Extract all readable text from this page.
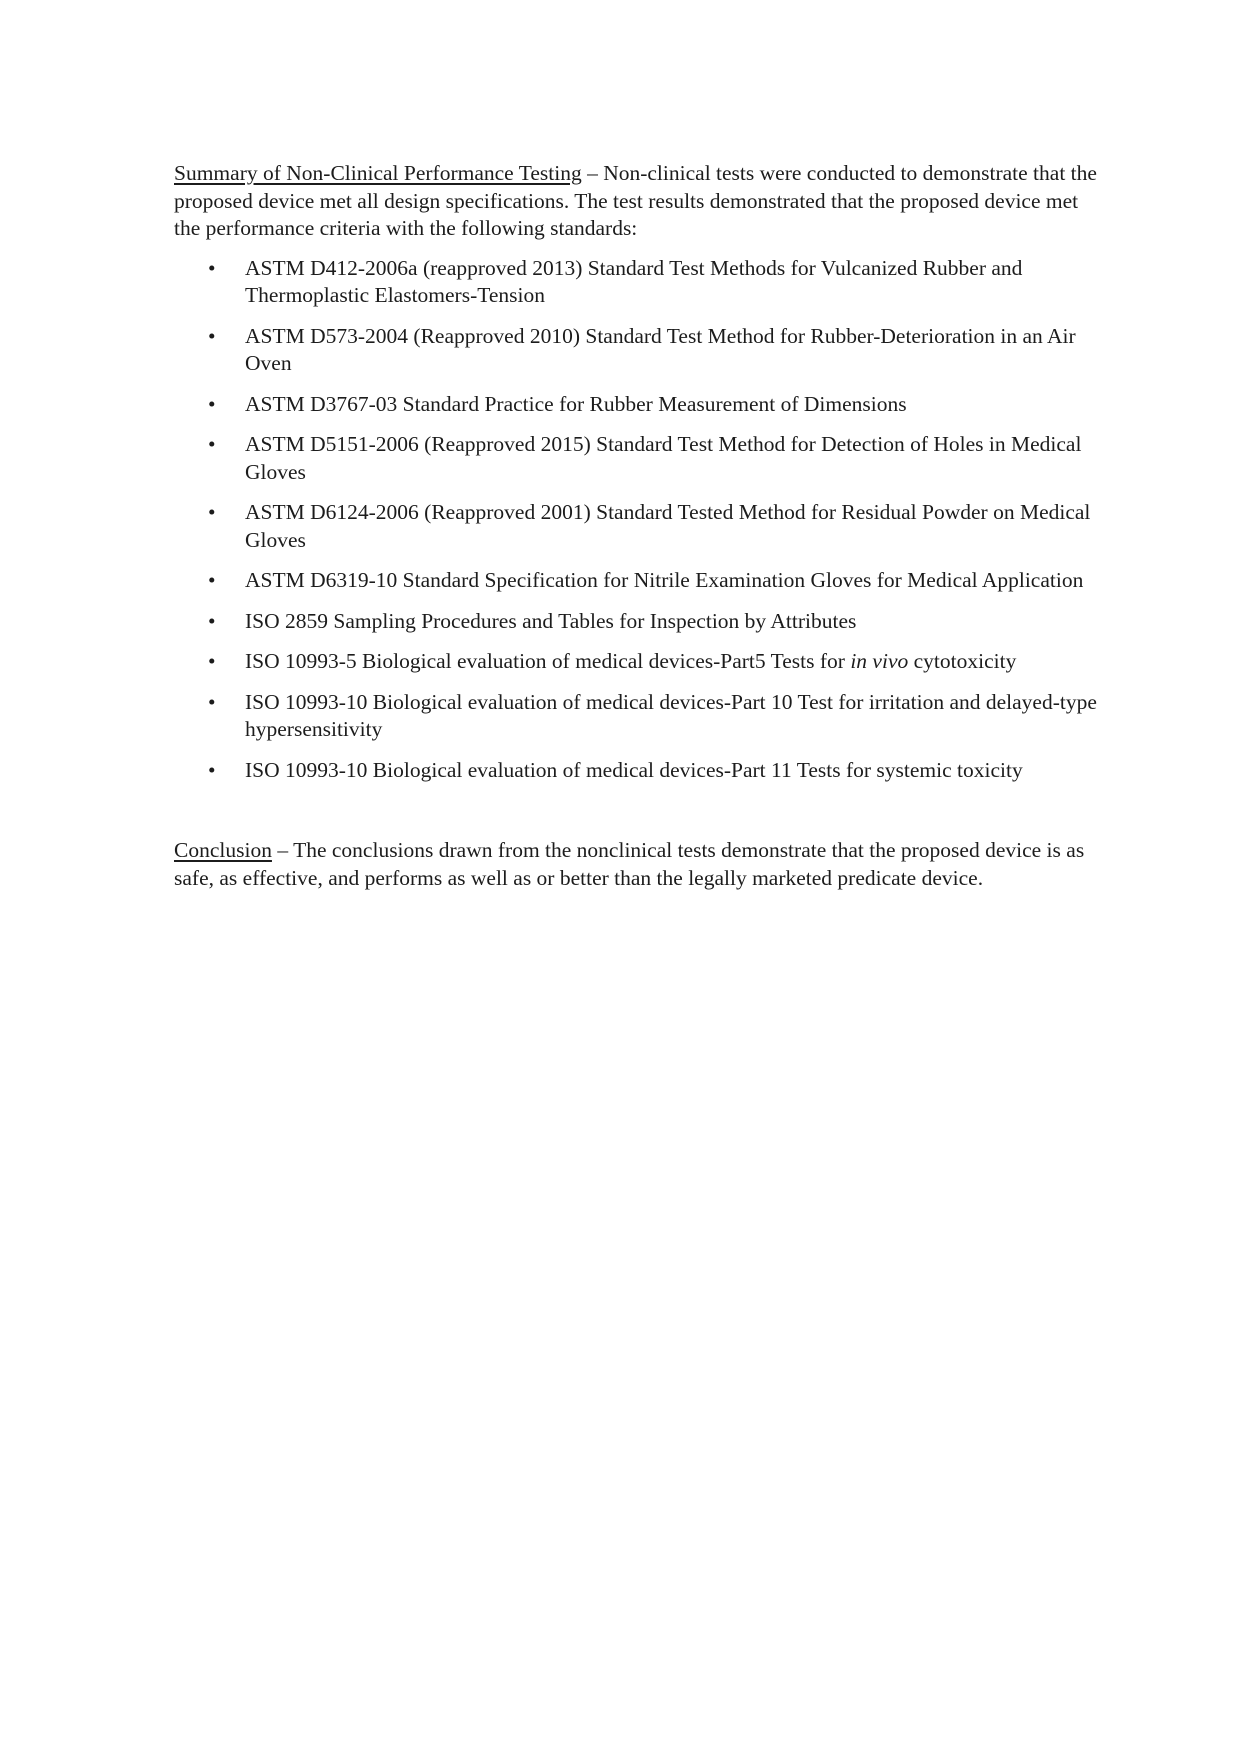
Summary of Non-Clinical Performance Testing – Non-clinical tests were conducted to demonstrate that the proposed device met all design specifications. The test results demonstrated that the proposed device met the performance criteria with the following standards:

• ASTM D412-2006a (reapproved 2013) Standard Test Methods for Vulcanized Rubber and Thermoplastic Elastomers-Tension
• ASTM D573-2004 (Reapproved 2010) Standard Test Method for Rubber-Deterioration in an Air Oven
• ASTM D3767-03 Standard Practice for Rubber Measurement of Dimensions
• ASTM D5151-2006 (Reapproved 2015) Standard Test Method for Detection of Holes in Medical Gloves
• ASTM D6124-2006 (Reapproved 2001) Standard Tested Method for Residual Powder on Medical Gloves
• ASTM D6319-10 Standard Specification for Nitrile Examination Gloves for Medical Application
• ISO 2859 Sampling Procedures and Tables for Inspection by Attributes
• ISO 10993-5 Biological evaluation of medical devices-Part5 Tests for in vivo cytotoxicity
• ISO 10993-10 Biological evaluation of medical devices-Part 10 Test for irritation and delayed-type hypersensitivity
• ISO 10993-10 Biological evaluation of medical devices-Part 11 Tests for systemic toxicity

Conclusion – The conclusions drawn from the nonclinical tests demonstrate that the proposed device is as safe, as effective, and performs as well as or better than the legally marketed predicate device.
